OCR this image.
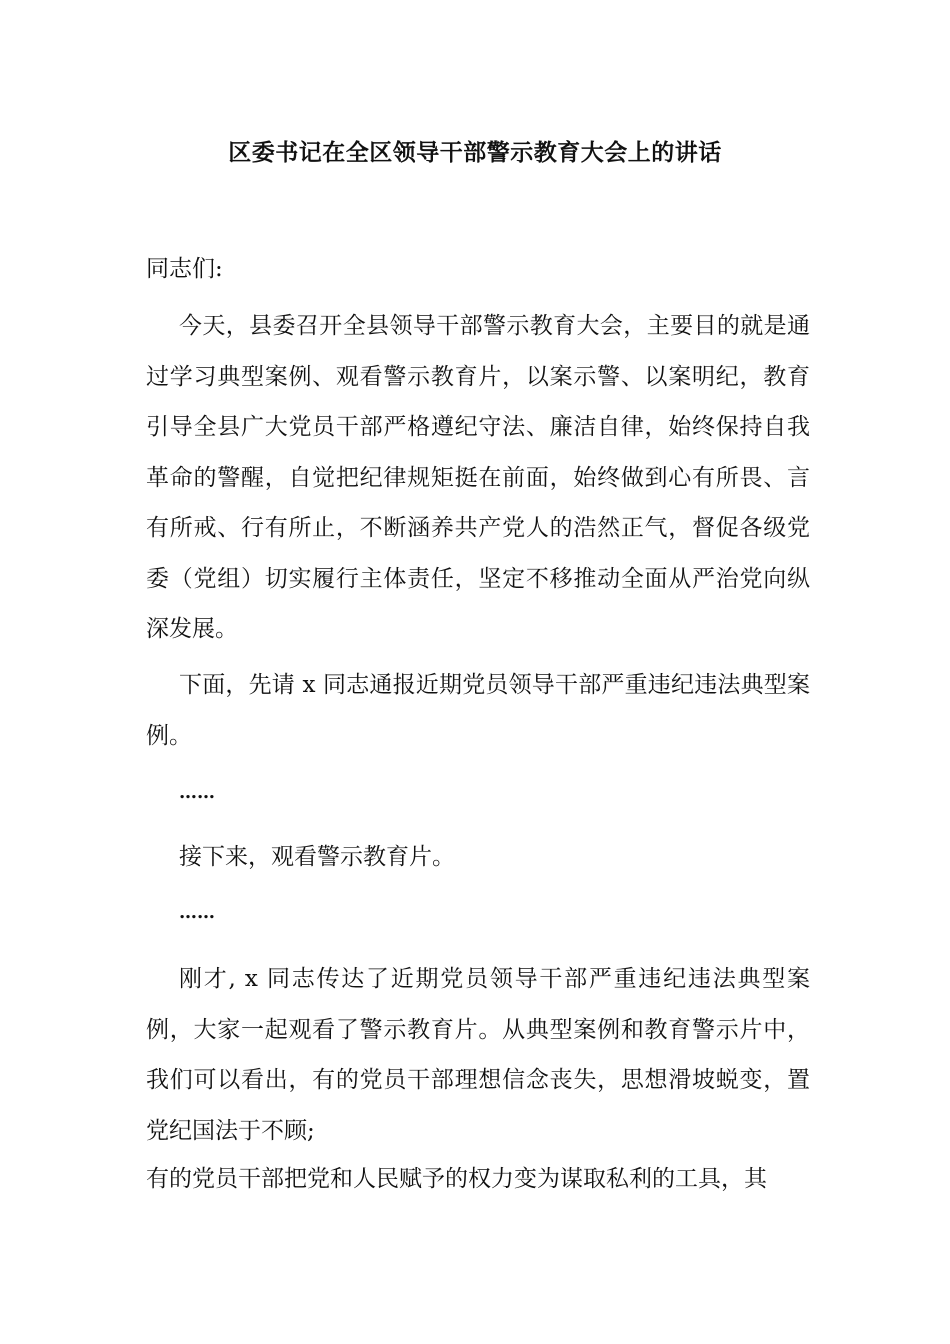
区委书记在全区领导干部警示教育大会上的讲话

同志们:

今天，县委召开全县领导干部警示教育大会，主要目的就是通过学习典型案例、观看警示教育片，以案示警、以案明纪，教育引导全县广大党员干部严格遵纪守法、廉洁自律，始终保持自我革命的警醒，自觉把纪律规矩挺在前面，始终做到心有所畏、言有所戒、行有所止，不断涵养共产党人的浩然正气，督促各级党委（党组）切实履行主体责任，坚定不移推动全面从严治党向纵深发展。

下面，先请 x 同志通报近期党员领导干部严重违纪违法典型案例。

……

接下来，观看警示教育片。

……

刚才, x 同志传达了近期党员领导干部严重违纪违法典型案例，大家一起观看了警示教育片。从典型案例和教育警示片中，我们可以看出，有的党员干部理想信念丧失，思想滑坡蜕变，置党纪国法于不顾;

有的党员干部把党和人民赋予的权力变为谋取私利的工具，其
